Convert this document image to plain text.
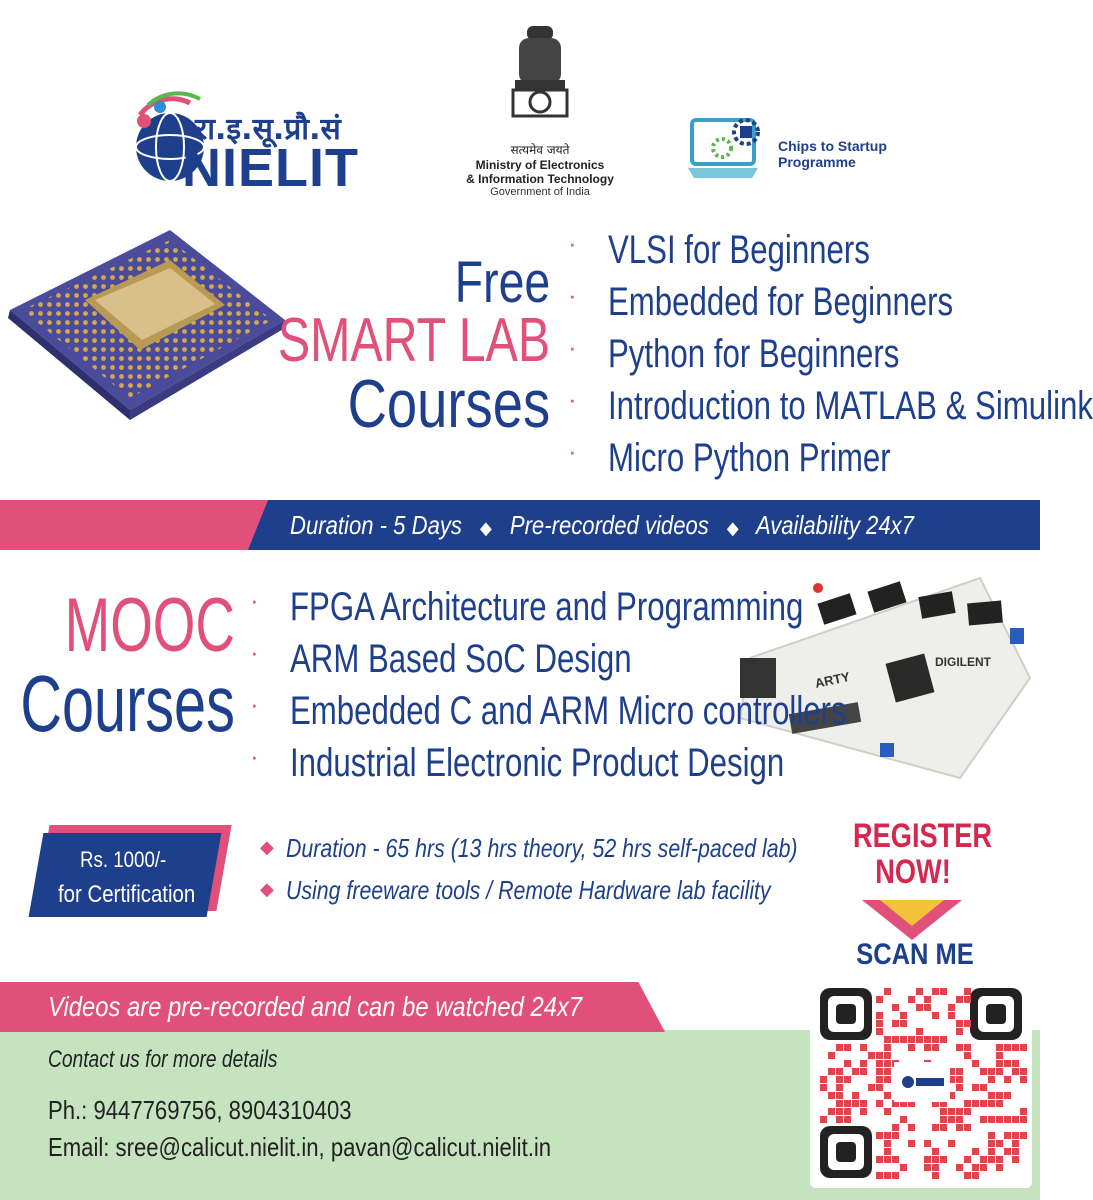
रा.इ.सू.प्रौ.सं
NIELIT	सत्यमेव जयते
Ministry of Electronics
& Information Technology
Government of India
Chips to Startup
Programme
Free
SMART LAB
Courses
· VLSI for Beginners
· Embedded for Beginners
· Python for Beginners
· Introduction to MATLAB & Simulink
· Micro Python Primer
Duration - 5 Days ◆ Pre-recorded videos ◆ Availability 24x7
MOOC
Courses	DIGILENT
ARTY
· FPGA Architecture and Programming
· ARM Based SoC Design
· Embedded C and ARM Micro controllers
· Industrial Electronic Product Design
Rs. 1000/-
for Certification
◆ Duration - 65 hrs (13 hrs theory, 52 hrs self-paced lab)
◆ Using freeware tools / Remote Hardware lab facility
REGISTER
NOW!
SCAN ME
Videos are pre-recorded and can be watched 24x7
Contact us for more details
Ph.: 9447769756, 8904310403
Email: sree@calicut.nielit.in, pavan@calicut.nielit.in
